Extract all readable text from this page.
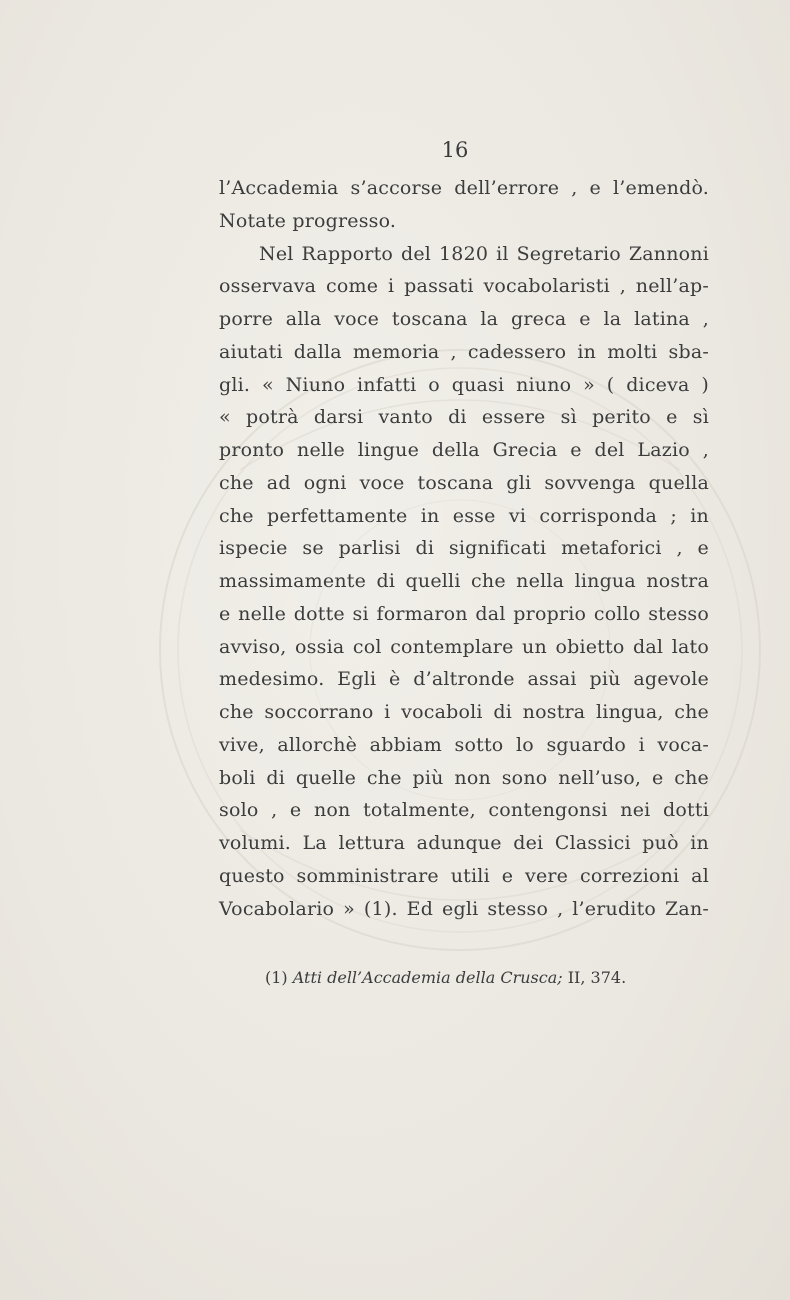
16
l’Accademia s’accorse dell’errore , e l’emendò.
Notate progresso.
Nel Rapporto del 1820 il Segretario Zannoni
osservava come i passati vocabolaristi , nell’ap-
porre alla voce toscana la greca e la latina ,
aiutati dalla memoria , cadessero in molti sba-
gli. « Niuno infatti o quasi niuno » ( diceva )
« potrà darsi vanto di essere sì perito e sì
pronto nelle lingue della Grecia e del Lazio ,
che ad ogni voce toscana gli sovvenga quella
che perfettamente in esse vi corrisponda ; in
ispecie se parlisi di significati metaforici , e
massimamente di quelli che nella lingua nostra
e nelle dotte si formaron dal proprio collo stesso
avviso, ossia col contemplare un obietto dal lato
medesimo. Egli è d’altronde assai più agevole
che soccorrano i vocaboli di nostra lingua, che
vive, allorchè abbiam sotto lo sguardo i voca-
boli di quelle che più non sono nell’uso, e che
solo , e non totalmente, contengonsi nei dotti
volumi. La lettura adunque dei Classici può in
questo somministrare utili e vere correzioni al
Vocabolario » (1). Ed egli stesso , l’erudito Zan-
(1) Atti dell’Accademia della Crusca; II, 374.
